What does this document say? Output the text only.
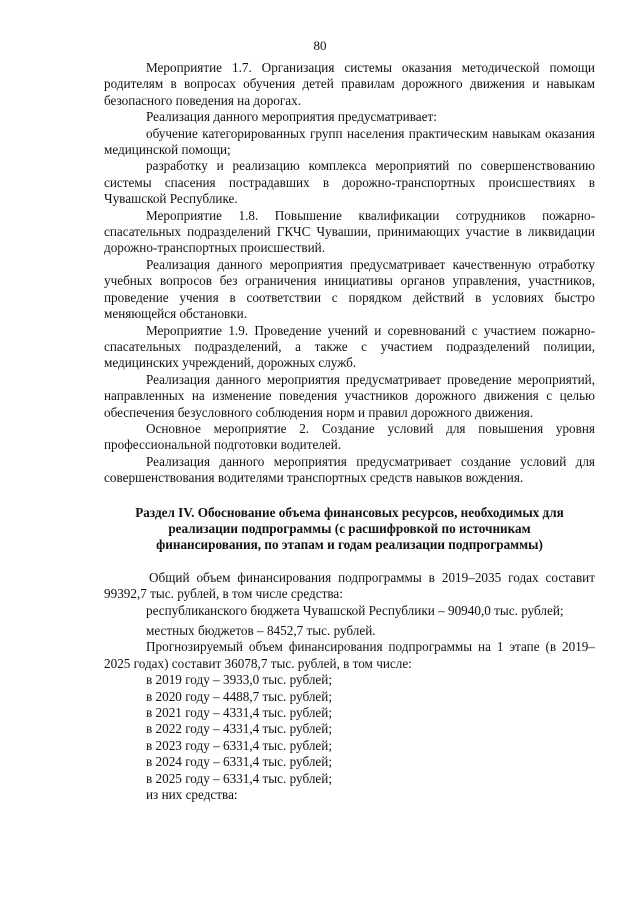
80

Мероприятие 1.7. Организация системы оказания методической помощи родителям в вопросах обучения детей правилам дорожного движения и навыкам безопасного поведения на дорогах.

Реализация данного мероприятия предусматривает:

обучение категорированных групп населения практическим навыкам оказания медицинской помощи;

разработку и реализацию комплекса мероприятий по совершенствованию системы спасения пострадавших в дорожно-транспортных происшествиях в Чувашской Республике.

Мероприятие 1.8. Повышение квалификации сотрудников пожарно-спасательных подразделений ГКЧС Чувашии, принимающих участие в ликвидации дорожно-транспортных происшествий.

Реализация данного мероприятия предусматривает качественную отработку учебных вопросов без ограничения инициативы органов управления, участников, проведение учения в соответствии с порядком действий в условиях быстро меняющейся обстановки.

Мероприятие 1.9. Проведение учений и соревнований с участием пожарно-спасательных подразделений, а также с участием подразделений полиции, медицинских учреждений, дорожных служб.

Реализация данного мероприятия предусматривает проведение мероприятий, направленных на изменение поведения участников дорожного движения с целью обеспечения безусловного соблюдения норм и правил дорожного движения.

Основное мероприятие 2. Создание условий для повышения уровня профессиональной подготовки водителей.

Реализация данного мероприятия предусматривает создание условий для совершенствования водителями транспортных средств навыков вождения.

Раздел IV. Обоснование объема финансовых ресурсов, необходимых для реализации подпрограммы (с расшифровкой по источникам финансирования, по этапам и годам реализации подпрограммы)

Общий объем финансирования подпрограммы в 2019–2035 годах составит 99392,7 тыс. рублей, в том числе средства:

республиканского бюджета Чувашской Республики – 90940,0 тыс. рублей;

местных бюджетов – 8452,7 тыс. рублей.

Прогнозируемый объем финансирования подпрограммы на 1 этапе (в 2019–2025 годах) составит 36078,7 тыс. рублей, в том числе:

в 2019 году – 3933,0 тыс. рублей;

в 2020 году – 4488,7 тыс. рублей;

в 2021 году – 4331,4 тыс. рублей;

в 2022 году – 4331,4 тыс. рублей;

в 2023 году – 6331,4 тыс. рублей;

в 2024 году – 6331,4 тыс. рублей;

в 2025 году – 6331,4 тыс. рублей;

из них средства:
